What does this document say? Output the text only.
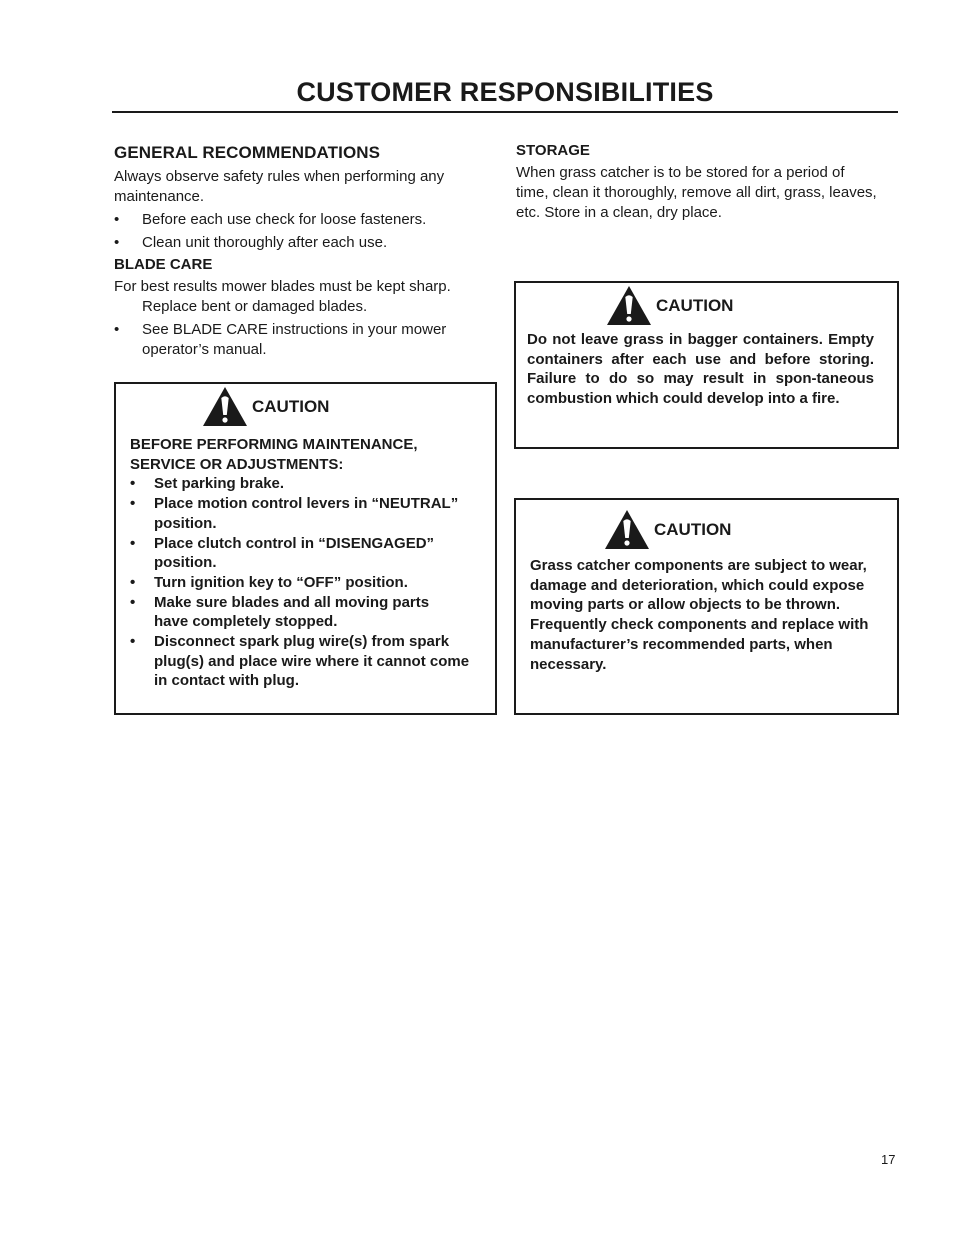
CUSTOMER RESPONSIBILITIES
GENERAL RECOMMENDATIONS

Always observe safety rules when performing any maintenance.

• Before each use check for loose fasteners.
• Clean unit thoroughly after each use.
BLADE CARE

For best results mower blades must be kept sharp. Replace bent or damaged blades.

• See BLADE CARE instructions in your mower operator’s manual.
STORAGE

When grass catcher is to be stored for a period of time, clean it thoroughly, remove all dirt, grass, leaves, etc. Store in a clean, dry place.

CAUTION
BEFORE PERFORMING MAINTENANCE, SERVICE OR ADJUSTMENTS:
• Set parking brake.
• Place motion control levers in “NEUTRAL” position.
• Place clutch control in “DISENGAGED” position.
• Turn ignition key to “OFF” position.
• Make sure blades and all moving parts have completely stopped.
• Disconnect spark plug wire(s) from spark plug(s) and place wire where it cannot come in contact with plug.
CAUTION
Do not leave grass in bagger containers. Empty containers after each use and before storing. Failure to do so may result in spon-taneous combustion which could develop into a fire.
CAUTION
Grass catcher components are subject to wear, damage and deterioration, which could expose moving parts or allow objects to be thrown. Frequently check components and replace with manufacturer’s recommended parts, when necessary.
17
